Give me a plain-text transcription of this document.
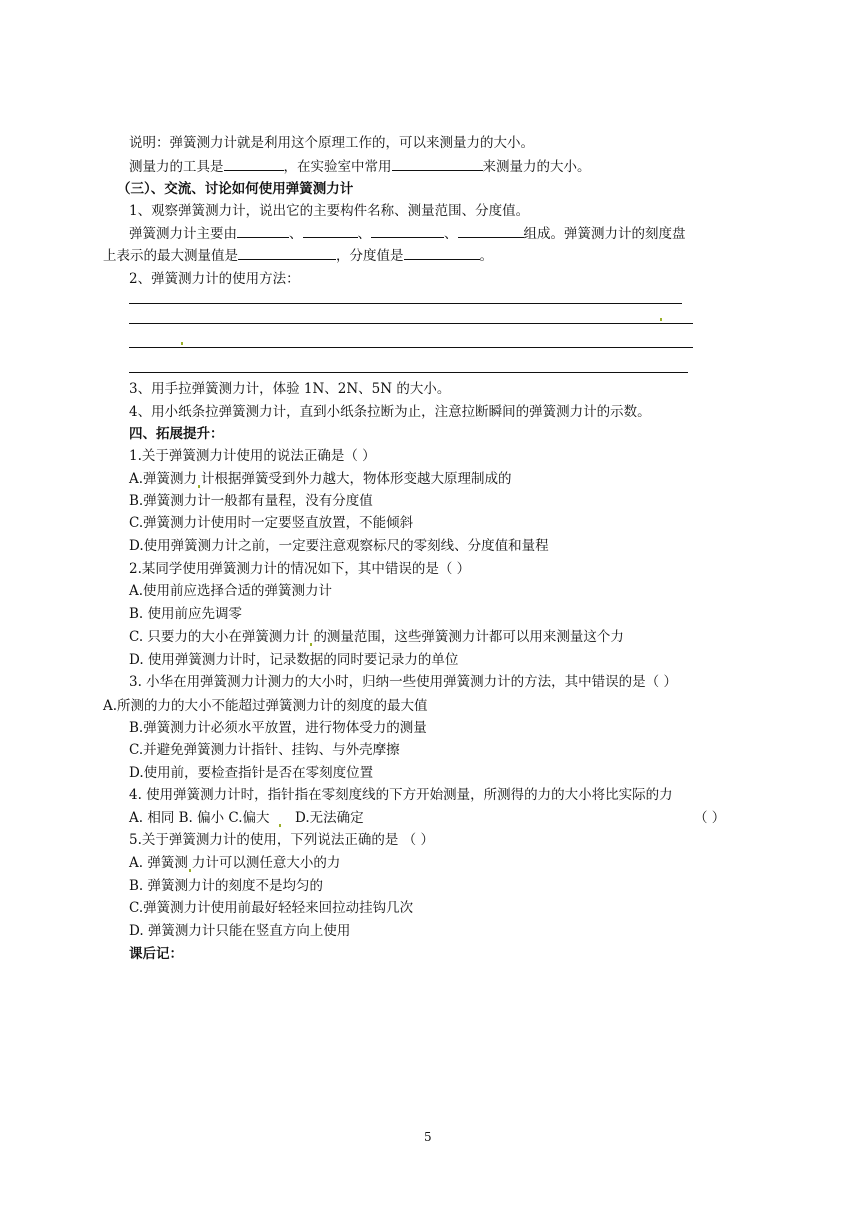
说明：弹簧测力计就是利用这个原理工作的，可以来测量力的大小。
测量力的工具是	，在实验室中常用	来测量力的大小。
（三）、交流、讨论如何使用弹簧测力计
1、观察弹簧测力计，说出它的主要构件名称、测量范围、分度值。
弹簧测力计主要由	、	、	、	组成。弹簧测力计的刻度盘
上表示的最大测量值是	，分度值是	。
2、弹簧测力计的使用方法：
3、用手拉弹簧测力计，体验 1N、2N、5N 的大小。
4、用小纸条拉弹簧测力计，直到小纸条拉断为止，注意拉断瞬间的弹簧测力计的示数。
四、拓展提升：
1.关于弹簧测力计使用的说法正确是（ ）
A.弹簧测力 计根据弹簧受到外力越大，物体形变越大原理制成的
B.弹簧测力计一般都有量程，没有分度值
C.弹簧测力计使用时一定要竖直放置，不能倾斜
D.使用弹簧测力计之前，一定要注意观察标尺的零刻线、分度值和量程
2.某同学使用弹簧测力计的情况如下，其中错误的是（ ）
A.使用前应选择合适的弹簧测力计
B. 使用前应先调零
C. 只要力的大小在弹簧测力计 的测量范围，这些弹簧测力计都可以用来测量这个力
D. 使用弹簧测力计时，记录数据的同时要记录力的单位
3. 小华在用弹簧测力计测力的大小时，归纳一些使用弹簧测力计的方法，其中错误的是（ ）
A.所测的力的大小不能超过弹簧测力计的刻度的最大值
B.弹簧测力计必须水平放置，进行物体受力的测量
C.并避免弹簧测力计指针、挂钩、与外壳摩擦
D.使用前，要检查指针是否在零刻度位置
4. 使用弹簧测力计时，指针指在零刻度线的下方开始测量，所测得的力的大小将比实际的力
A. 相同 B. 偏小 C.偏大 D.无法确定	（ ）
5.关于弹簧测力计的使用，下列说法正确的是 （ ）
A. 弹簧测 力计可以测任意大小的力
B. 弹簧测力计的刻度不是均匀的
C.弹簧测力计使用前最好轻轻来回拉动挂钩几次
D. 弹簧测力计只能在竖直方向上使用
课后记：
5
